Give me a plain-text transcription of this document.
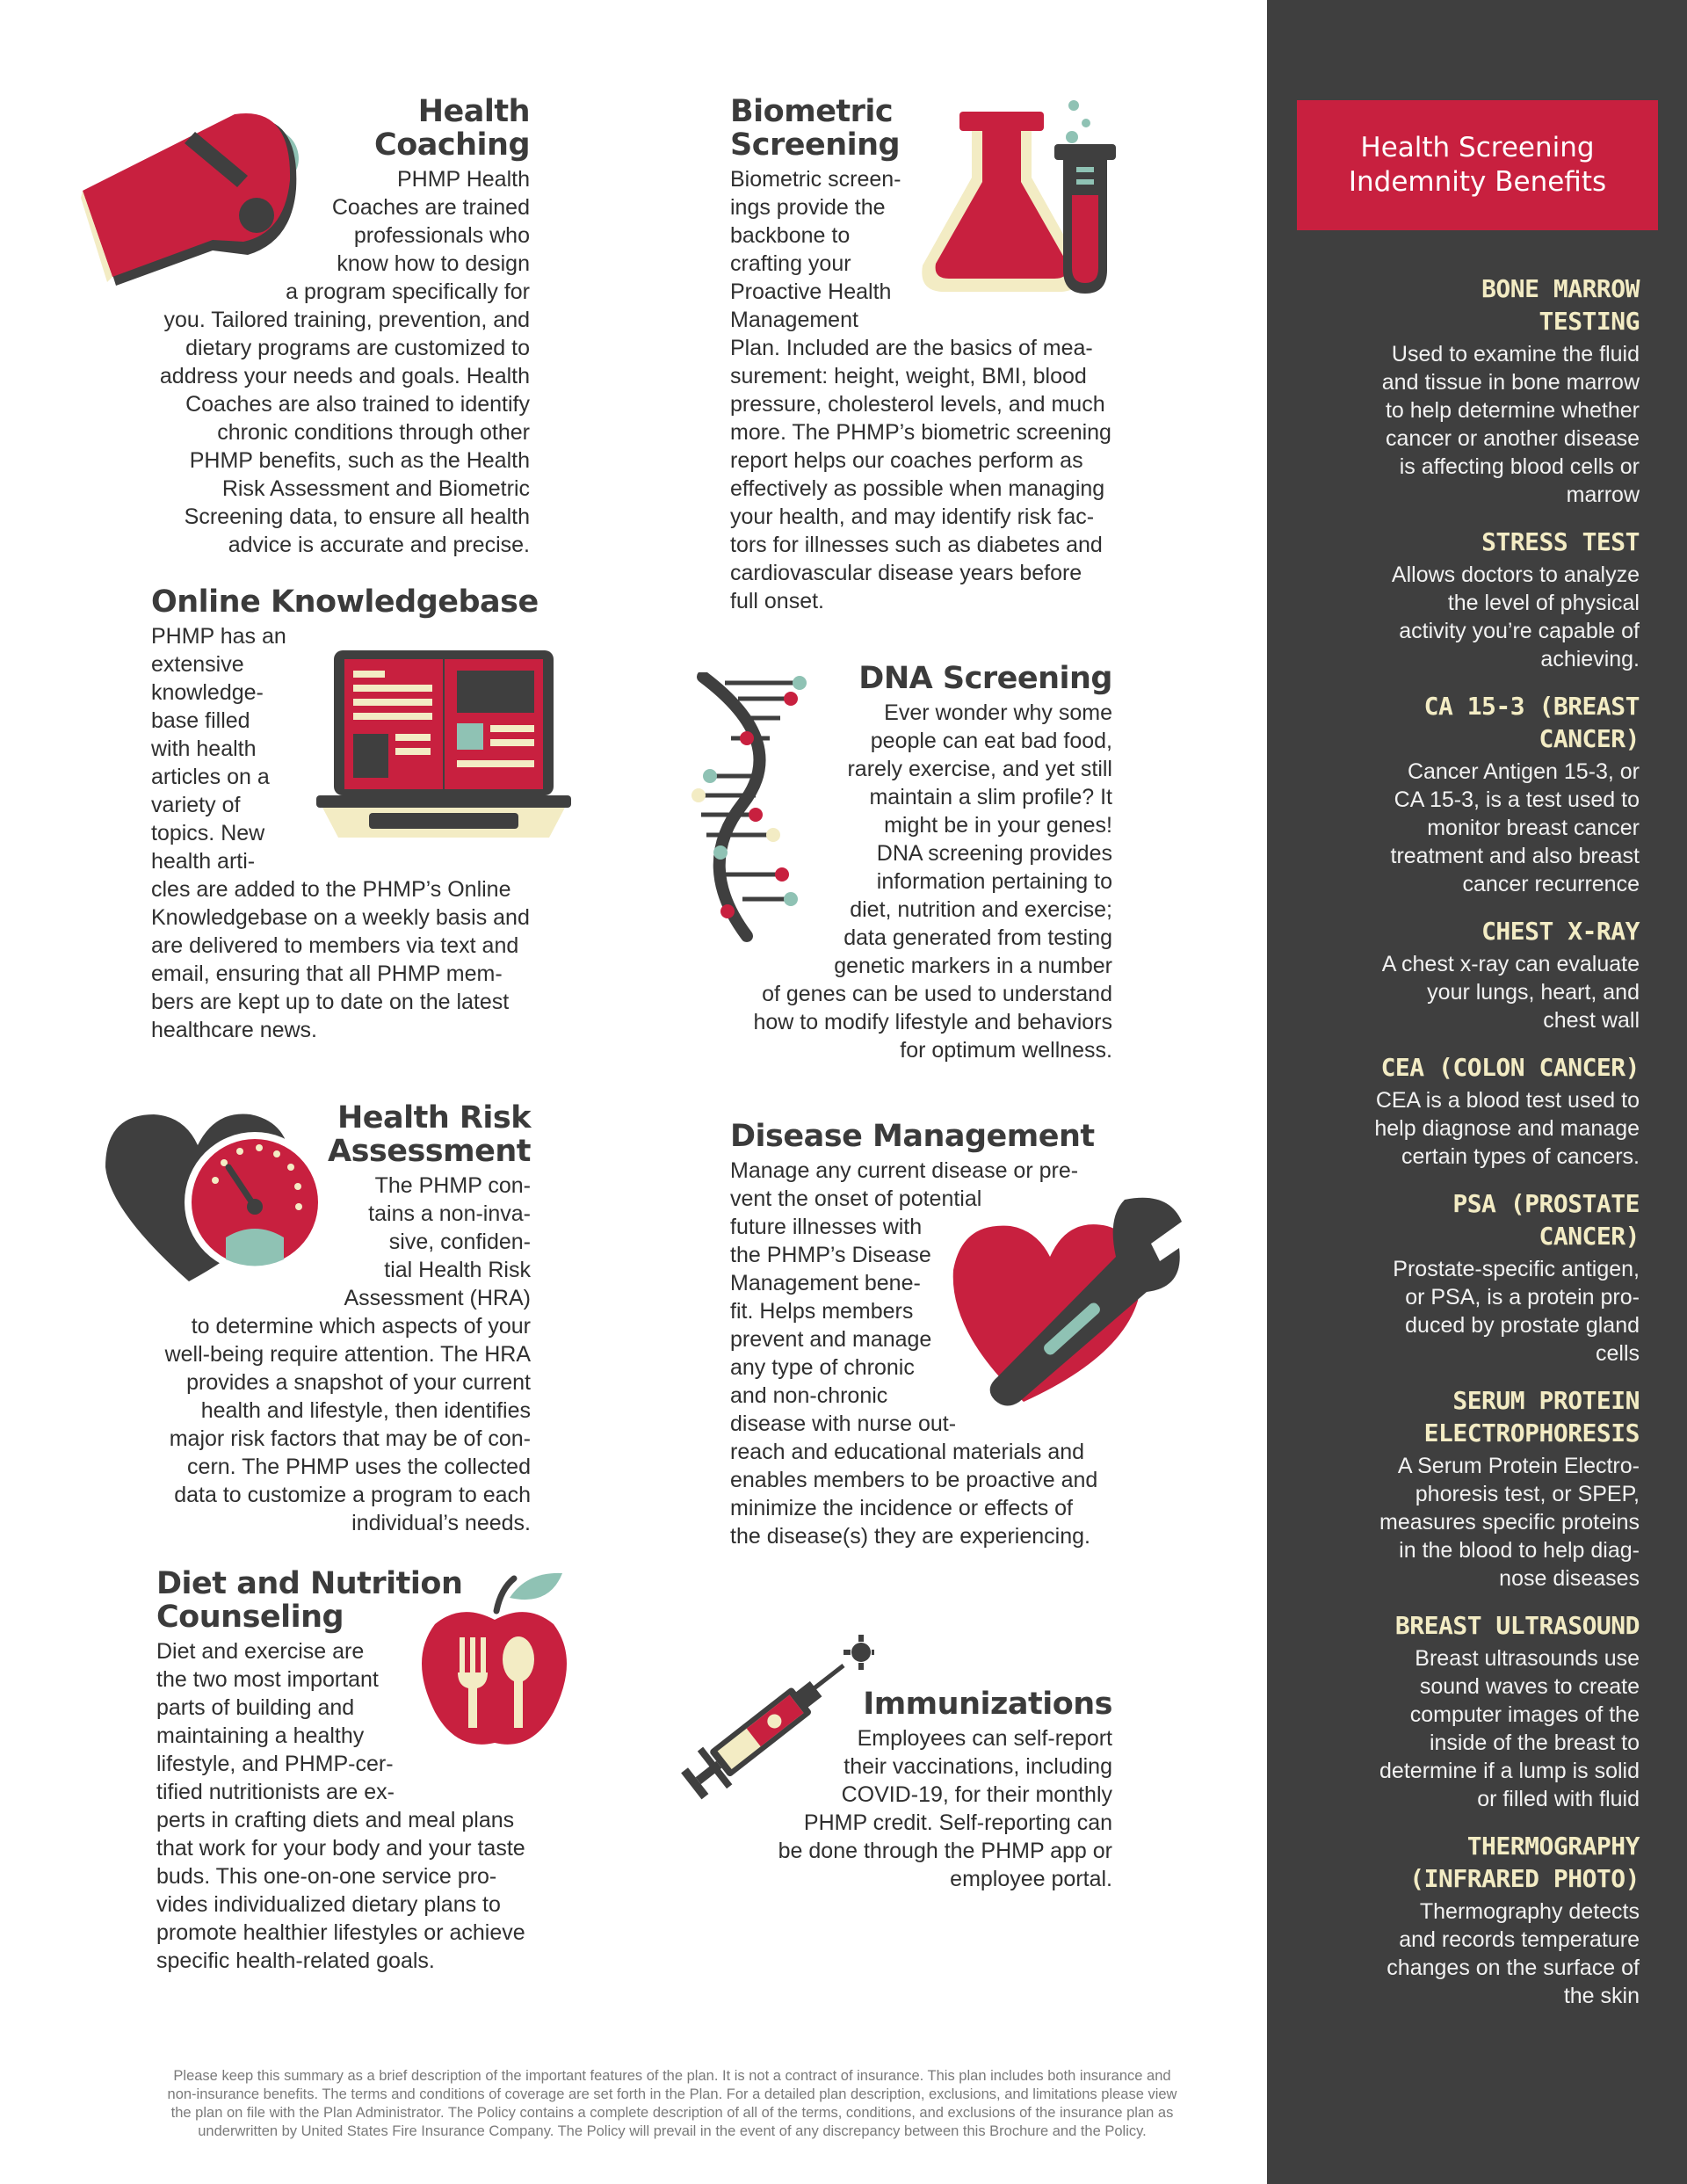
Health
Coaching

PHMP Health
Coaches are trained
professionals who
know how to design
a program specifically for
you. Tailored training, prevention, and
dietary programs are customized to
address your needs and goals. Health
Coaches are also trained to identify
chronic conditions through other
PHMP benefits, such as the Health
Risk Assessment and Biometric
Screening data, to ensure all health
advice is accurate and precise.

Biometric
Screening

Biometric screen-
ings provide the
backbone to
crafting your
Proactive Health
Management
Plan. Included are the basics of mea-
surement: height, weight, BMI, blood
pressure, cholesterol levels, and much
more. The PHMP’s biometric screening
report helps our coaches perform as
effectively as possible when managing
your health, and may identify risk fac-
tors for illnesses such as diabetes and
cardiovascular disease years before
full onset.

Online Knowledgebase

PHMP has an
extensive
knowledge-
base filled
with health
articles on a
variety of
topics. New
health arti-
cles are added to the PHMP’s Online
Knowledgebase on a weekly basis and
are delivered to members via text and
email, ensuring that all PHMP mem-
bers are kept up to date on the latest
healthcare news.

DNA Screening

Ever wonder why some
people can eat bad food,
rarely exercise, and yet still
maintain a slim profile? It
might be in your genes!
DNA screening provides
information pertaining to
diet, nutrition and exercise;
data generated from testing
genetic markers in a number
of genes can be used to understand
how to modify lifestyle and behaviors
for optimum wellness.

Health Risk
Assessment

The PHMP con-
tains a non-inva-
sive, confiden-
tial Health Risk
Assessment (HRA)
to determine which aspects of your
well-being require attention. The HRA
provides a snapshot of your current
health and lifestyle, then identifies
major risk factors that may be of con-
cern. The PHMP uses the collected
data to customize a program to each
individual’s needs.

Disease Management

Manage any current disease or pre-
vent the onset of potential
future illnesses with
the PHMP’s Disease
Management bene-
fit. Helps members
prevent and manage
any type of chronic
and non-chronic
disease with nurse out-
reach and educational materials and
enables members to be proactive and
minimize the incidence or effects of
the disease(s) they are experiencing.

Diet and Nutrition
Counseling

Diet and exercise are
the two most important
parts of building and
maintaining a healthy
lifestyle, and PHMP-cer-
tified nutritionists are ex-
perts in crafting diets and meal plans
that work for your body and your taste
buds. This one-on-one service pro-
vides individualized dietary plans to
promote healthier lifestyles or achieve
specific health-related goals.

Immunizations

Employees can self-report
their vaccinations, including
COVID-19, for their monthly
PHMP credit. Self-reporting can
be done through the PHMP app or
employee portal.

Health Screening
Indemnity Benefits
BONE MARROW
TESTING
Used to examine the fluid
and tissue in bone marrow
to help determine whether
cancer or another disease
is affecting blood cells or
marrow
STRESS TEST
Allows doctors to analyze
the level of physical
activity you’re capable of
achieving.
CA 15-3 (BREAST
CANCER)
Cancer Antigen 15-3, or
CA 15-3, is a test used to
monitor breast cancer
treatment and also breast
cancer recurrence
CHEST X-RAY
A chest x-ray can evaluate
your lungs, heart, and
chest wall
CEA (COLON CANCER)
CEA is a blood test used to
help diagnose and manage
certain types of cancers.
PSA (PROSTATE
CANCER)
Prostate-specific antigen,
or PSA, is a protein pro-
duced by prostate gland
cells
SERUM PROTEIN
ELECTROPHORESIS
A Serum Protein Electro-
phoresis test, or SPEP,
measures specific proteins
in the blood to help diag-
nose diseases
BREAST ULTRASOUND
Breast ultrasounds use
sound waves to create
computer images of the
inside of the breast to
determine if a lump is solid
or filled with fluid
THERMOGRAPHY
(INFRARED PHOTO)
Thermography detects
and records temperature
changes on the surface of
the skin
Please keep this summary as a brief description of the important features of the plan. It is not a contract of insurance. This plan includes both insurance and
non-insurance benefits. The terms and conditions of coverage are set forth in the Plan. For a detailed plan description, exclusions, and limitations please view
the plan on file with the Plan Administrator. The Policy contains a complete description of all of the terms, conditions, and exclusions of the insurance plan as
underwritten by United States Fire Insurance Company. The Policy will prevail in the event of any discrepancy between this Brochure and the Policy.
